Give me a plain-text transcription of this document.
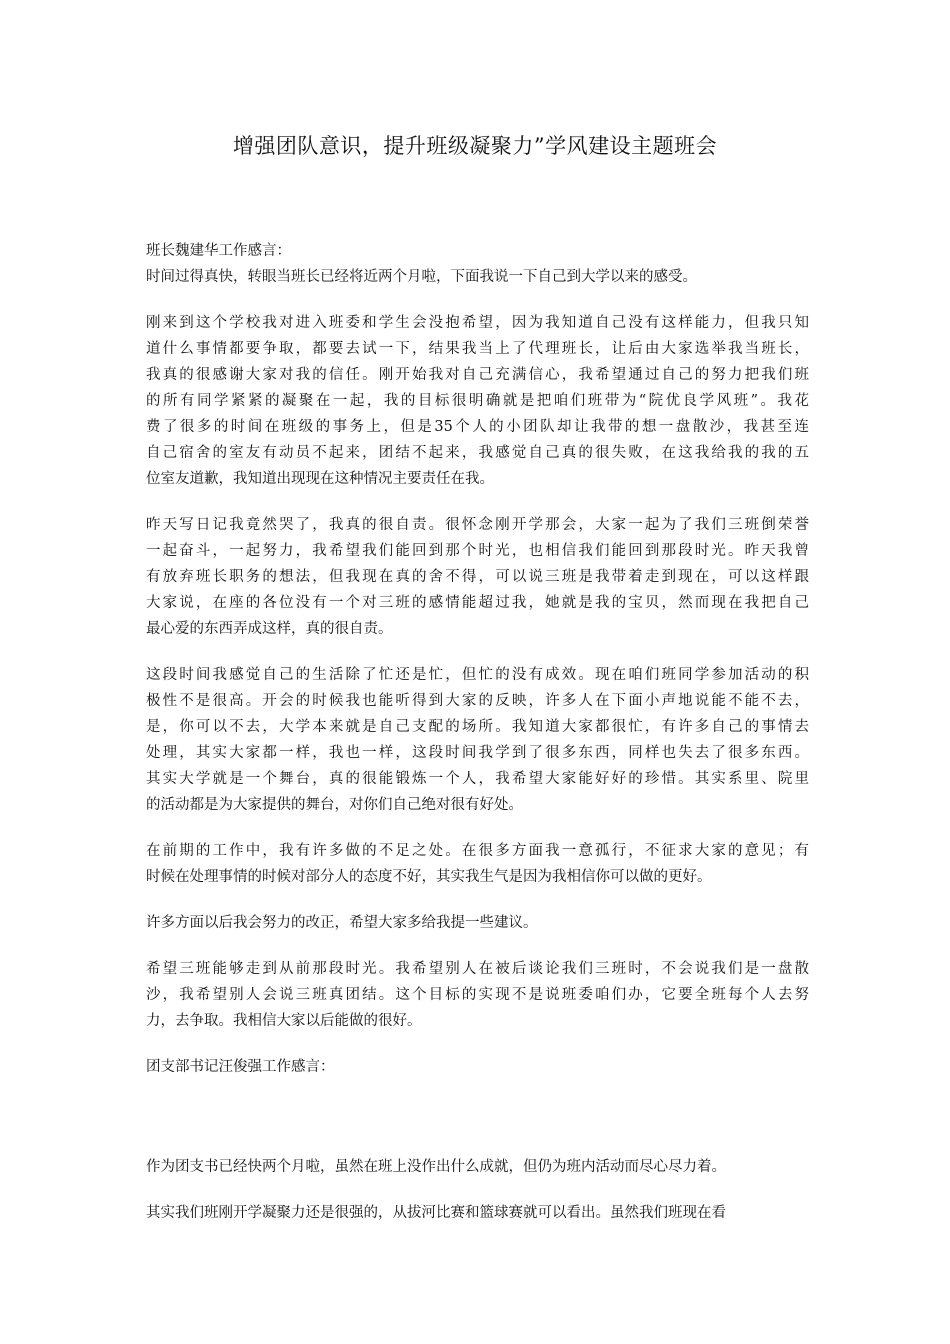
增强团队意识，提升班级凝聚力”学风建设主题班会
班长魏建华工作感言：
时间过得真快，转眼当班长已经将近两个月啦，下面我说一下自己到大学以来的感受。
刚来到这个学校我对进入班委和学生会没抱希望，因为我知道自己没有这样能力，但我只知
道什么事情都要争取，都要去试一下，结果我当上了代理班长，让后由大家选举我当班长，
我真的很感谢大家对我的信任。刚开始我对自己充满信心，我希望通过自己的努力把我们班
的所有同学紧紧的凝聚在一起，我的目标很明确就是把咱们班带为“院优良学风班”。我花
费了很多的时间在班级的事务上，但是35个人的小团队却让我带的想一盘散沙，我甚至连
自己宿舍的室友有动员不起来，团结不起来，我感觉自己真的很失败，在这我给我的我的五
位室友道歉，我知道出现现在这种情况主要责任在我。
昨天写日记我竟然哭了，我真的很自责。很怀念刚开学那会，大家一起为了我们三班倒荣誉
一起奋斗，一起努力，我希望我们能回到那个时光，也相信我们能回到那段时光。昨天我曾
有放弃班长职务的想法，但我现在真的舍不得，可以说三班是我带着走到现在，可以这样跟
大家说，在座的各位没有一个对三班的感情能超过我，她就是我的宝贝，然而现在我把自己
最心爱的东西弄成这样，真的很自责。
这段时间我感觉自己的生活除了忙还是忙，但忙的没有成效。现在咱们班同学参加活动的积
极性不是很高。开会的时候我也能听得到大家的反映，许多人在下面小声地说能不能不去，
是，你可以不去，大学本来就是自己支配的场所。我知道大家都很忙，有许多自己的事情去
处理，其实大家都一样，我也一样，这段时间我学到了很多东西，同样也失去了很多东西。
其实大学就是一个舞台，真的很能锻炼一个人，我希望大家能好好的珍惜。其实系里、院里
的活动都是为大家提供的舞台，对你们自己绝对很有好处。
在前期的工作中，我有许多做的不足之处。在很多方面我一意孤行，不征求大家的意见；有
时候在处理事情的时候对部分人的态度不好，其实我生气是因为我相信你可以做的更好。
许多方面以后我会努力的改正，希望大家多给我提一些建议。
希望三班能够走到从前那段时光。我希望别人在被后谈论我们三班时，不会说我们是一盘散
沙，我希望别人会说三班真团结。这个目标的实现不是说班委咱们办，它要全班每个人去努
力，去争取。我相信大家以后能做的很好。
团支部书记汪俊强工作感言：
作为团支书已经快两个月啦，虽然在班上没作出什么成就，但仍为班内活动而尽心尽力着。
其实我们班刚开学凝聚力还是很强的，从拔河比赛和篮球赛就可以看出。虽然我们班现在看
